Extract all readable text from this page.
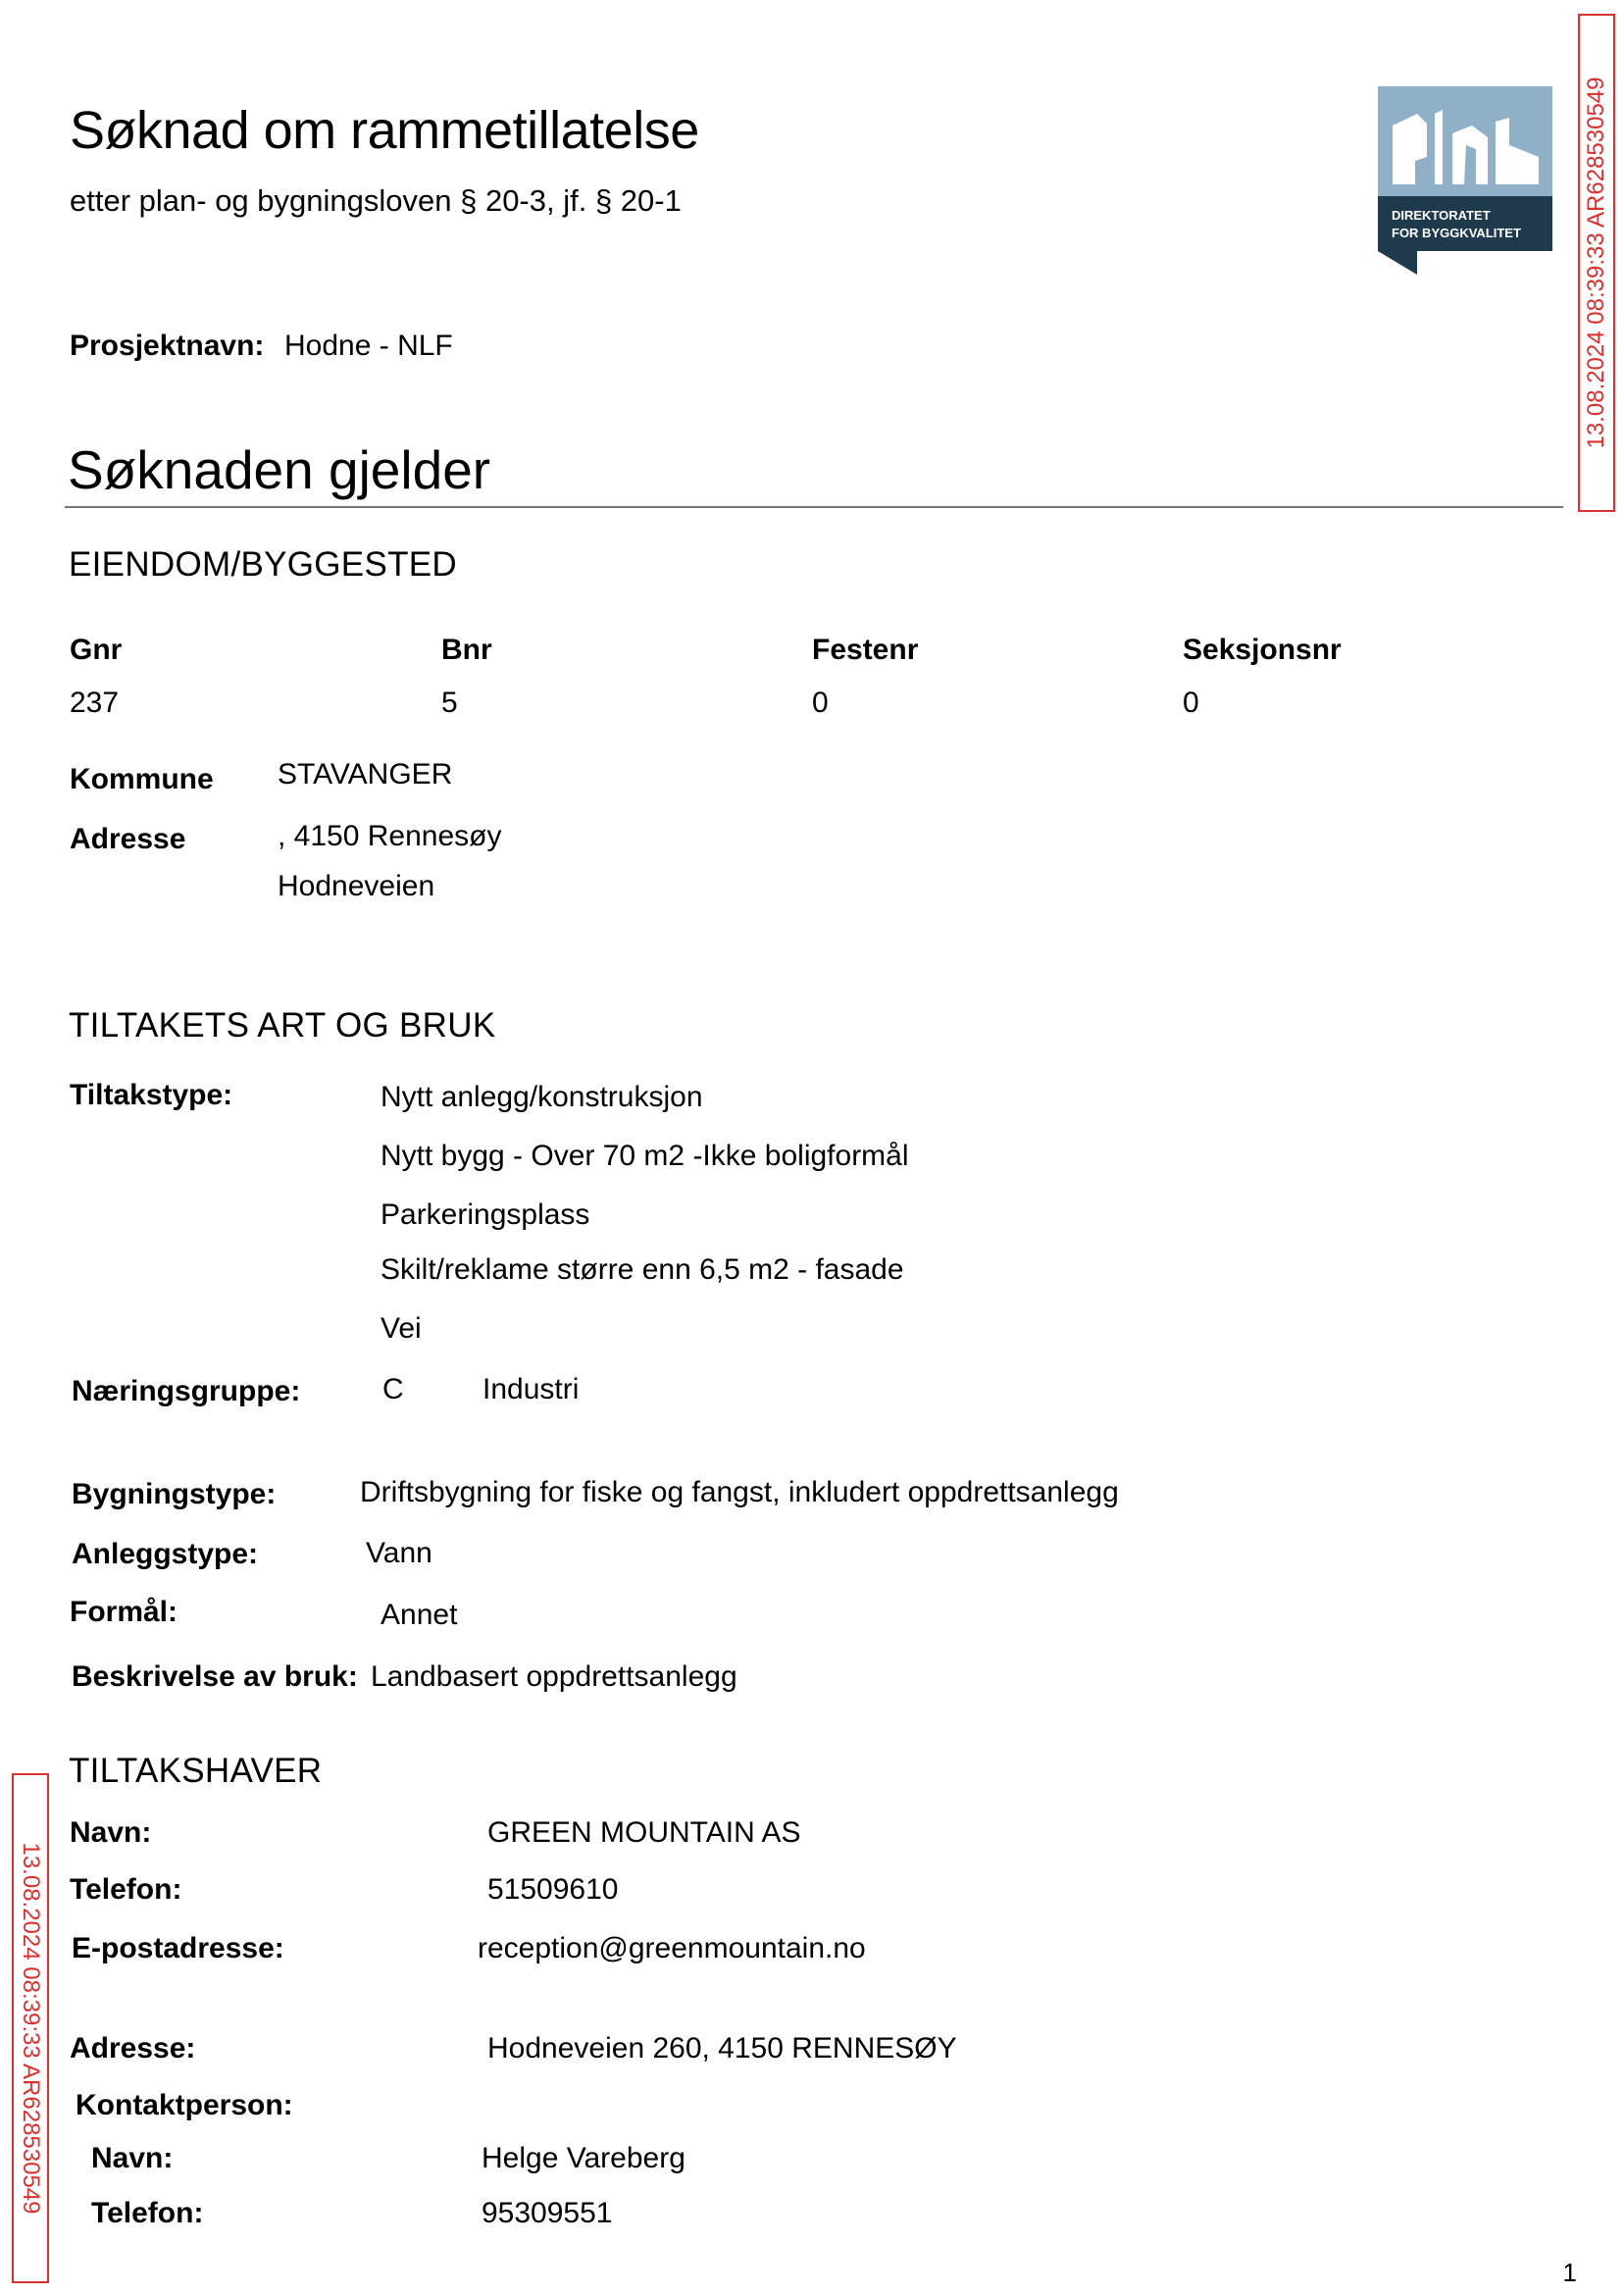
Søknad om rammetillatelse
etter plan- og bygningsloven § 20-3, jf. § 20-1
Prosjektnavn: Hodne - NLF
DIREKTORATET
FOR BYGGKVALITET	13.08.2024 08:39:33 AR628530549
Søknaden gjelder
EIENDOM/BYGGESTED
Gnr	Bnr	Festenr	Seksjonsnr
237	5	0	0
Kommune STAVANGER
Adresse	, 4150 Rennesøy
Hodneveien
TILTAKETS ART OG BRUK
Tiltakstype:	Nytt anlegg/konstruksjon
Nytt bygg - Over 70 m2 -Ikke boligformål
Parkeringsplass
Skilt/reklame større enn 6,5 m2 - fasade
Vei
Næringsgruppe:	C	Industri
Bygningstype:	Driftsbygning for fiske og fangst, inkludert oppdrettsanlegg
Anleggstype:	Vann
Formål:	Annet
Beskrivelse av bruk: Landbasert oppdrettsanlegg
TILTAKSHAVER
Navn:	GREEN MOUNTAIN AS
Telefon:	51509610
E-postadresse:	reception@greenmountain.no
Adresse:	Hodneveien 260, 4150 RENNESØY
Kontaktperson:
Navn:	Helge Vareberg
Telefon:	95309551
13.08.2024 08:39:33 AR628530549
1
